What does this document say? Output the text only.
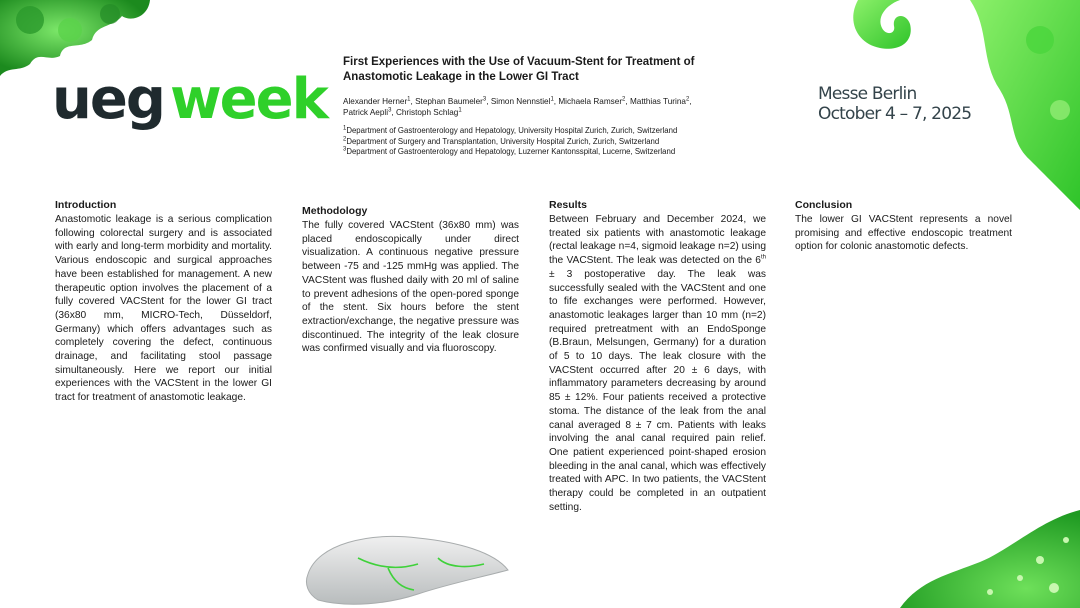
ueg week	Messe Berlin
October 4 – 7, 2025
First Experiences with the Use of Vacuum-Stent for Treatment of Anastomotic Leakage in the Lower GI Tract
Alexander Herner$^1$, Stephan Baumeler$^3$, Simon Nennstiel$^1$, Michaela Ramser$^2$, Matthias Turina$^2$, Patrick Aepli$^3$, Christoph Schlag$^1$
$^1$Department of Gastroenterology and Hepatology, University Hospital Zurich, Zurich, Switzerland
$^2$Department of Surgery and Transplantation, University Hospital Zurich, Zurich, Switzerland
$^3$Department of Gastroenterology and Hepatology, Luzerner Kantonsspital, Lucerne, Switzerland
Introduction

Anastomotic leakage is a serious complication following colorectal surgery and is associated with early and long-term morbidity and mortality. Various endoscopic and surgical approaches have been established for management. A new therapeutic option involves the placement of a fully covered VACStent for the lower GI tract (36x80 mm, MICRO-Tech, Düsseldorf, Germany) which offers advantages such as completely covering the defect, continuous drainage, and facilitating stool passage simultaneously. Here we report our initial experiences with the VACStent in the lower GI tract for treatment of anastomotic leakage.

Methodology

The fully covered VACStent (36x80 mm) was placed endoscopically under direct visualization. A continuous negative pressure between -75 and -125 mmHg was applied. The VACStent was flushed daily with 20 ml of saline to prevent adhesions of the open-pored sponge of the stent. Six hours before the stent extraction/exchange, the negative pressure was discontinued. The integrity of the leak closure was confirmed visually and via fluoroscopy.

Results

Between February and December 2024, we treated six patients with anastomotic leakage (rectal leakage n=4, sigmoid leakage n=2) using the VACStent. The leak was detected on the 6th ± 3 postoperative day. The leak was successfully sealed with the VACStent and one to fife exchanges were performed. However, anastomotic leakages larger than 10 mm (n=2) required pretreatment with an EndoSponge (B.Braun, Melsungen, Germany) for a duration of 5 to 10 days. The leak closure with the VACStent occurred after 20 ± 6 days, with inflammatory parameters decreasing by around 85 ± 12%. Four patients received a protective stoma. The distance of the leak from the anal canal averaged 8 ± 7 cm. Patients with leaks involving the anal canal required pain relief. One patient experienced point-shaped erosion bleeding in the anal canal, which was effectively treated with APC. In two patients, the VACStent therapy could be completed in an outpatient setting.

Conclusion

The lower GI VACStent represents a novel promising and effective endoscopic treatment option for colonic anastomotic defects.
